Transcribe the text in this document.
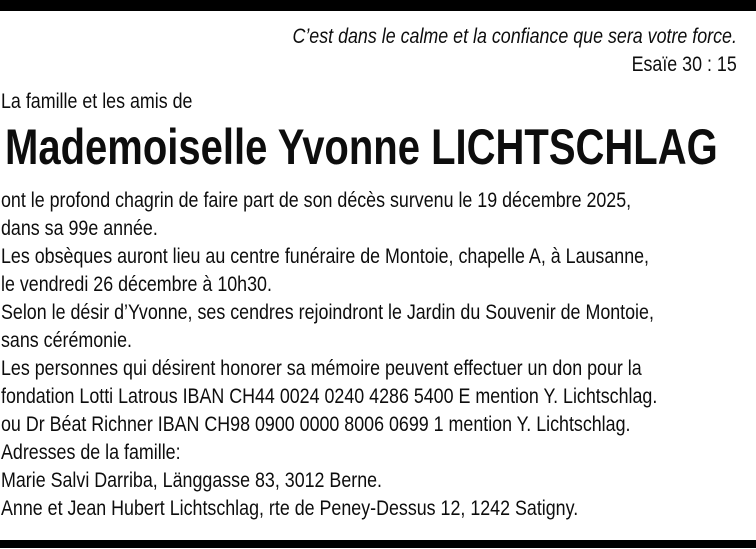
C’est dans le calme et la confiance que sera votre force.
Esaïe 30 : 15
La famille et les amis de
Mademoiselle Yvonne LICHTSCHLAG
ont le profond chagrin de faire part de son décès survenu le 19 décembre 2025,
dans sa 99e année.
Les obsèques auront lieu au centre funéraire de Montoie, chapelle A, à Lausanne,
le vendredi 26 décembre à 10h30.
Selon le désir d’Yvonne, ses cendres rejoindront le Jardin du Souvenir de Montoie,
sans cérémonie.
Les personnes qui désirent honorer sa mémoire peuvent effectuer un don pour la
fondation Lotti Latrous IBAN CH44 0024 0240 4286 5400 E mention Y. Lichtschlag.
ou Dr Béat Richner IBAN CH98 0900 0000 8006 0699 1 mention Y. Lichtschlag.
Adresses de la famille:
Marie Salvi Darriba, Länggasse 83, 3012 Berne.
Anne et Jean Hubert Lichtschlag, rte de Peney-Dessus 12, 1242 Satigny.
